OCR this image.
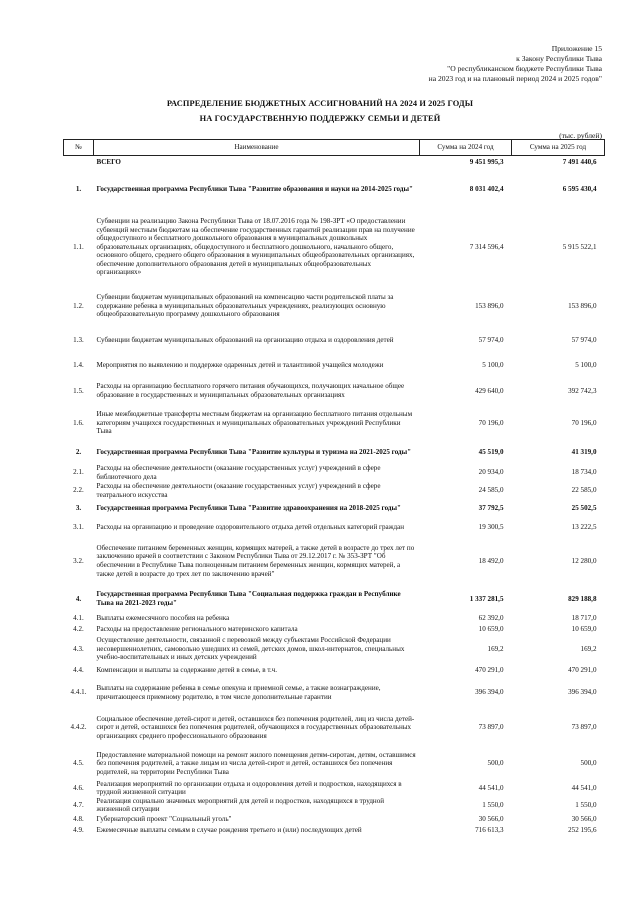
Приложение 15
к Закону Республики Тыва
"О республиканском бюджете Республики Тыва
на 2023 год и на плановый период 2024 и 2025 годов"
РАСПРЕДЕЛЕНИЕ БЮДЖЕТНЫХ АССИГНОВАНИЙ НА 2024 И 2025 ГОДЫ
НА ГОСУДАРСТВЕННУЮ ПОДДЕРЖКУ СЕМЬИ И ДЕТЕЙ
(тыс. рублей)
№	Наименование	Сумма на 2024 год	Сумма на 2025 год
	ВСЕГО	9 451 995,3	7 491 440,6
1.	Государственная программа Республики Тыва "Развитие образования и науки на 2014-2025 годы"	8 031 402,4	6 595 430,4
1.1.	Субвенции на реализацию Закона Республики Тыва от 18.07.2016 года № 198-ЗРТ «О предоставлении субвенций местным бюджетам на обеспечение государственных гарантий реализации прав на получение общедоступного и бесплатного дошкольного образования в муниципальных дошкольных образовательных организациях, общедоступного и бесплатного дошкольного, начального общего, основного общего, среднего общего образования в муниципальных общеобразовательных организациях, обеспечение дополнительного образования детей в муниципальных общеобразовательных организациях»	7 314 596,4	5 915 522,1
1.2.	Субвенции бюджетам муниципальных образований на компенсацию части родительской платы за содержание ребенка в муниципальных образовательных учреждениях, реализующих основную общеобразовательную программу дошкольного образования	153 896,0	153 896,0
1.3.	Субвенции бюджетам муниципальных образований на организацию отдыха и оздоровления детей	57 974,0	57 974,0
1.4.	Мероприятия по выявлению и поддержке одаренных детей и талантливой учащейся молодежи	5 100,0	5 100,0
1.5.	Расходы на организацию бесплатного горячего питания обучающихся, получающих начальное общее образование в государственных и муниципальных образовательных организациях	429 640,0	392 742,3
1.6.	Иные межбюджетные трансферты местным бюджетам на организацию бесплатного питания отдельным категориям учащихся государственных и муниципальных образовательных учреждений Республики Тыва	70 196,0	70 196,0
2.	Государственная программа Республики Тыва "Развитие культуры и туризма на 2021-2025 годы"	45 519,0	41 319,0
2.1.	Расходы на обеспечение деятельности (оказание государственных услуг) учреждений в сфере библиотечного дела	20 934,0	18 734,0
2.2.	Расходы на обеспечение деятельности (оказание государственных услуг) учреждений в сфере театрального искусства	24 585,0	22 585,0
3.	Государственная программа Республики Тыва "Развитие здравоохранения на 2018-2025 годы"	37 792,5	25 502,5
3.1.	Расходы на организацию и проведение оздоровительного отдыха детей отдельных категорий граждан	19 300,5	13 222,5
3.2.	Обеспечение питанием беременных женщин, кормящих матерей, а также детей в возрасте до трех лет по заключению врачей в соответствии с Законом Республики Тыва от 29.12.2017 г. № 353-ЗРТ "Об обеспечении в Республике Тыва полноценным питанием беременных женщин, кормящих матерей, а также детей в возрасте до трех лет по заключению врачей"	18 492,0	12 280,0
4.	Государственная программа Республики Тыва "Социальная поддержка граждан в Республике Тыва на 2021-2023 годы"	1 337 281,5	829 188,8
4.1.	Выплаты ежемесячного пособия на ребенка	62 392,0	18 717,0
4.2.	Расходы на предоставление регионального материнского капитала	10 659,0	10 659,0
4.3.	Осуществление деятельности, связанной с перевозкой между субъектами Российской Федерации несовершеннолетних, самовольно ушедших из семей, детских домов, школ-интернатов, специальных учебно-воспитательных и иных детских учреждений	169,2	169,2
4.4.	Компенсации и выплаты за содержание детей в семье, в т.ч.	470 291,0	470 291,0
4.4.1.	Выплаты на содержание ребенка в семье опекуна и приемной семье, а также вознаграждение, причитающееся приемному родителю, в том числе дополнительные гарантии	396 394,0	396 394,0
4.4.2.	Социальное обеспечение детей-сирот и детей, оставшихся без попечения родителей, лиц из числа детей-сирот и детей, оставшихся без попечения родителей, обучающихся в государственных образовательных организациях среднего профессионального образования	73 897,0	73 897,0
4.5.	Предоставление материальной помощи на ремонт жилого помещения детям-сиротам, детям, оставшимся без попечения родителей, а также лицам из числа детей-сирот и детей, оставшихся без попечения родителей, на территории Республики Тыва	500,0	500,0
4.6.	Реализация мероприятий по организации отдыха и оздоровления детей и подростков, находящихся в трудной жизненной ситуации	44 541,0	44 541,0
4.7.	Реализация социально значимых мероприятий для детей и подростков, находящихся в трудной жизненной ситуации	1 550,0	1 550,0
4.8.	Губернаторский проект "Социальный уголь"	30 566,0	30 566,0
4.9.	Ежемесячные выплаты семьям в случае рождения третьего и (или) последующих детей	716 613,3	252 195,6
